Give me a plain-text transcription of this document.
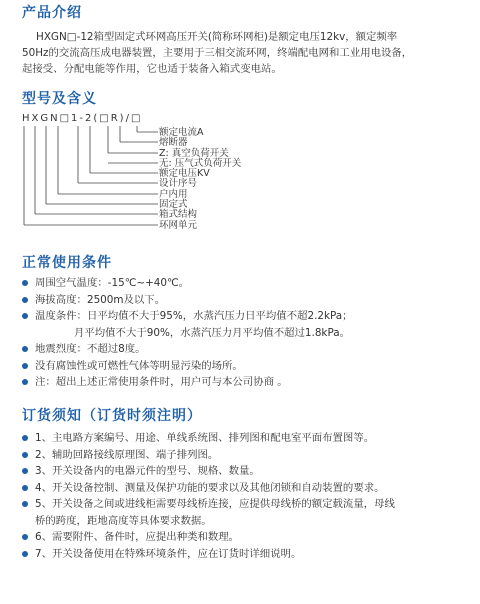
产品介绍
HXGN□-12箱型固定式环网高压开关(简称环网柜)是额定电压12kv，额定频率
50Hz的交流高压成电器装置，主要用于三相交流环网，终端配电网和工业用电设备，
起接受、分配电能等作用，它也适于装备入箱式变电站。
型号及含义
HXGN□1-2(□R)/□
额定电流A
熔断器
Z: 真空负荷开关
无: 压气式负荷开关
额定电压KV
设计序号
户内用
固定式
箱式结构
环网单元
正常使用条件
周围空气温度：-15℃~+40℃。
海拔高度：2500m及以下。
温度条件：日平均值不大于95%，水蒸汽压力日平均值不超2.2kPa；
月平均值不大于90%，水蒸汽压力月平均值不超过1.8kPa。
地震烈度：不超过8度。
没有腐蚀性或可燃性气体等明显污染的场所。
注：超出上述正常使用条件时，用户可与本公司协商 。
订货须知（订货时须注明）
1、主电路方案编号、用途、单线系统图、排列图和配电室平面布置图等。
2、辅助回路接线原理图、端子排列图。
3、开关设备内的电器元件的型号、规格、数量。
4、开关设备控制、测量及保护功能的要求以及其他闭锁和自动装置的要求。
5、开关设备之间或进线柜需要母线桥连接，应提供母线桥的额定载流量，母线
桥的跨度，距地高度等具体要求数据。
6、需要附件、备件时，应提出种类和数理。
7、开关设备使用在特殊环境条件，应在订货时详细说明。
